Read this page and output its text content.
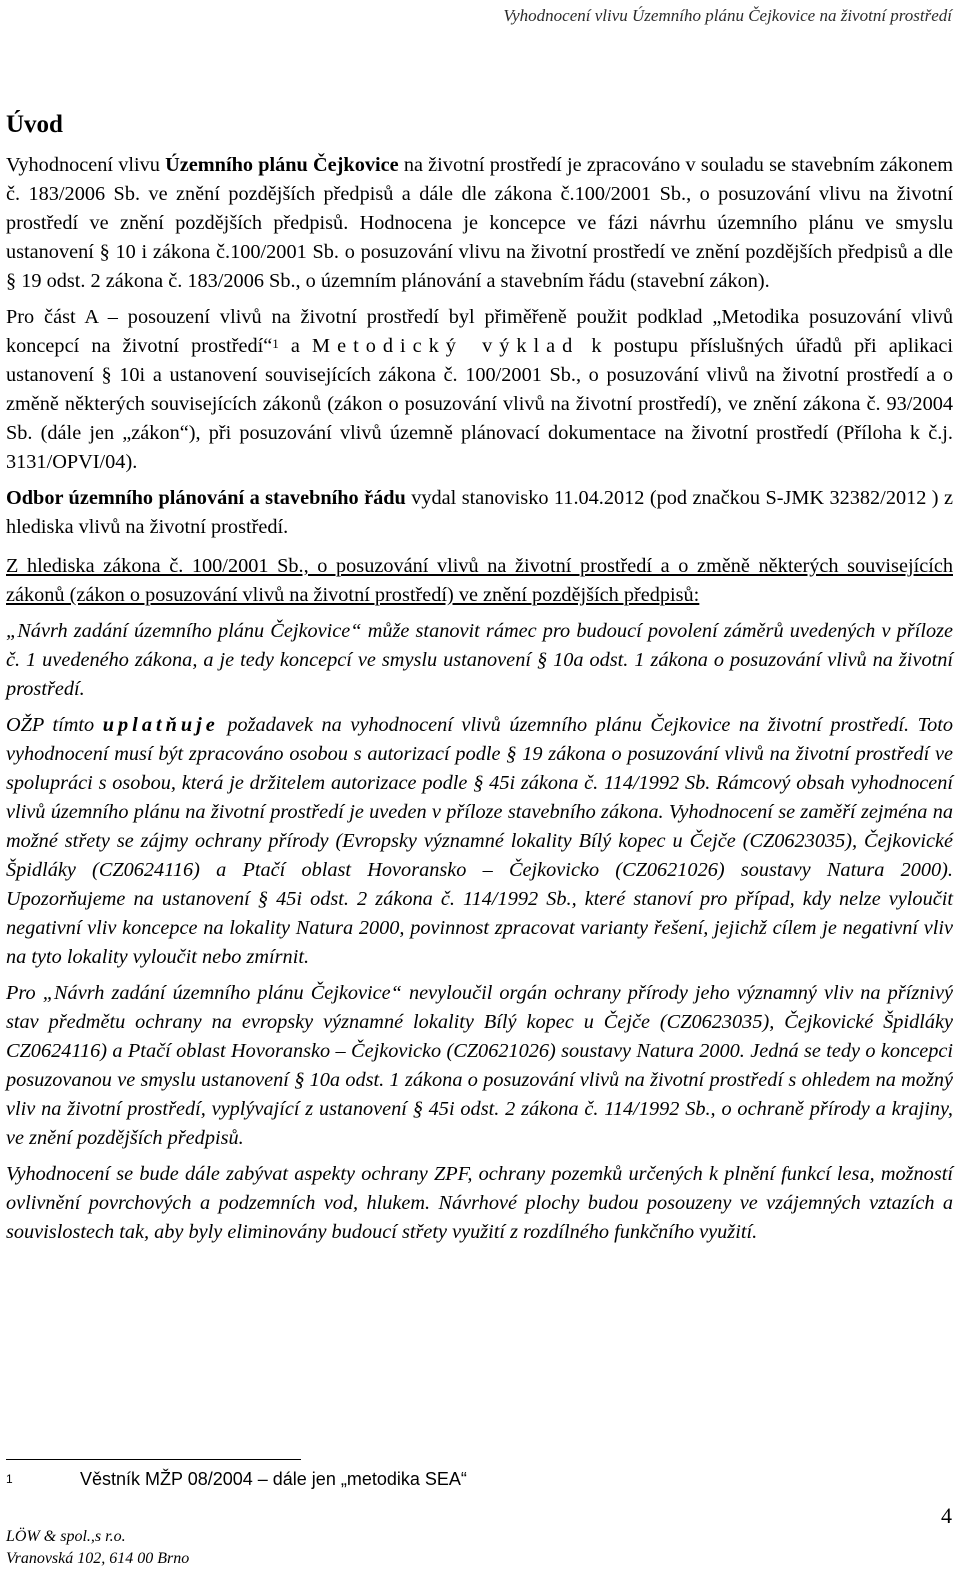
Vyhodnocení vlivu Územního plánu Čejkovice na životní prostředí
Úvod

Vyhodnocení vlivu Územního plánu Čejkovice na životní prostředí je zpracováno v souladu se stavebním zákonem č. 183/2006 Sb. ve znění pozdějších předpisů a dále dle zákona č.100/2001 Sb., o posuzování vlivu na životní prostředí ve znění pozdějších předpisů. Hodnocena je koncepce ve fázi návrhu územního plánu ve smyslu ustanovení § 10 i zákona č.100/2001 Sb. o posuzování vlivu na životní prostředí ve znění pozdějších předpisů a dle § 19 odst. 2 zákona č. 183/2006 Sb., o územním plánování a stavebním řádu (stavební zákon).

Pro část A – posouzení vlivů na životní prostředí byl přiměřeně použit podklad „Metodika posuzování vlivů koncepcí na životní prostředí“$^1$ a Metodický výklad k postupu příslušných úřadů při aplikaci ustanovení § 10i a ustanovení souvisejících zákona č. 100/2001 Sb., o posuzování vlivů na životní prostředí a o změně některých souvisejících zákonů (zákon o posuzování vlivů na životní prostředí), ve znění zákona č. 93/2004 Sb. (dále jen „zákon“), při posuzování vlivů územně plánovací dokumentace na životní prostředí (Příloha k č.j. 3131/OPVI/04).

Odbor územního plánování a stavebního řádu vydal stanovisko 11.04.2012 (pod značkou S-JMK 32382/2012 ) z hlediska vlivů na životní prostředí.

Z hlediska zákona č. 100/2001 Sb., o posuzování vlivů na životní prostředí a o změně některých souvisejících zákonů (zákon o posuzování vlivů na životní prostředí) ve znění pozdějších předpisů:

„Návrh zadání územního plánu Čejkovice“ může stanovit rámec pro budoucí povolení záměrů uvedených v příloze č. 1 uvedeného zákona, a je tedy koncepcí ve smyslu ustanovení § 10a odst. 1 zákona o posuzování vlivů na životní prostředí.

OŽP tímto uplatňuje požadavek na vyhodnocení vlivů územního plánu Čejkovice na životní prostředí. Toto vyhodnocení musí být zpracováno osobou s autorizací podle § 19 zákona o posuzování vlivů na životní prostředí ve spolupráci s osobou, která je držitelem autorizace podle § 45i zákona č. 114/1992 Sb. Rámcový obsah vyhodnocení vlivů územního plánu na životní prostředí je uveden v příloze stavebního zákona. Vyhodnocení se zaměří zejména na možné střety se zájmy ochrany přírody (Evropsky významné lokality Bílý kopec u Čejče (CZ0623035), Čejkovické Špidláky (CZ0624116) a Ptačí oblast Hovoransko – Čejkovicko (CZ0621026) soustavy Natura 2000). Upozorňujeme na ustanovení § 45i odst. 2 zákona č. 114/1992 Sb., které stanoví pro případ, kdy nelze vyloučit negativní vliv koncepce na lokality Natura 2000, povinnost zpracovat varianty řešení, jejichž cílem je negativní vliv na tyto lokality vyloučit nebo zmírnit.

Pro „Návrh zadání územního plánu Čejkovice“ nevyloučil orgán ochrany přírody jeho významný vliv na příznivý stav předmětu ochrany na evropsky významné lokality Bílý kopec u Čejče (CZ0623035), Čejkovické Špidláky CZ0624116) a Ptačí oblast Hovoransko – Čejkovicko (CZ0621026) soustavy Natura 2000. Jedná se tedy o koncepci posuzovanou ve smyslu ustanovení § 10a odst. 1 zákona o posuzování vlivů na životní prostředí s ohledem na možný vliv na životní prostředí, vyplývající z ustanovení § 45i odst. 2 zákona č. 114/1992 Sb., o ochraně přírody a krajiny, ve znění pozdějších předpisů.

Vyhodnocení se bude dále zabývat aspekty ochrany ZPF, ochrany pozemků určených k plnění funkcí lesa, možností ovlivnění povrchových a podzemních vod, hlukem. Návrhové plochy budou posouzeny ve vzájemných vztazích a souvislostech tak, aby byly eliminovány budoucí střety využití z rozdílného funkčního využití.

1	Věstník MŽP 08/2004 – dále jen „metodika SEA“
LÖW & spol.,s r.o.
Vranovská 102, 614 00 Brno
4
